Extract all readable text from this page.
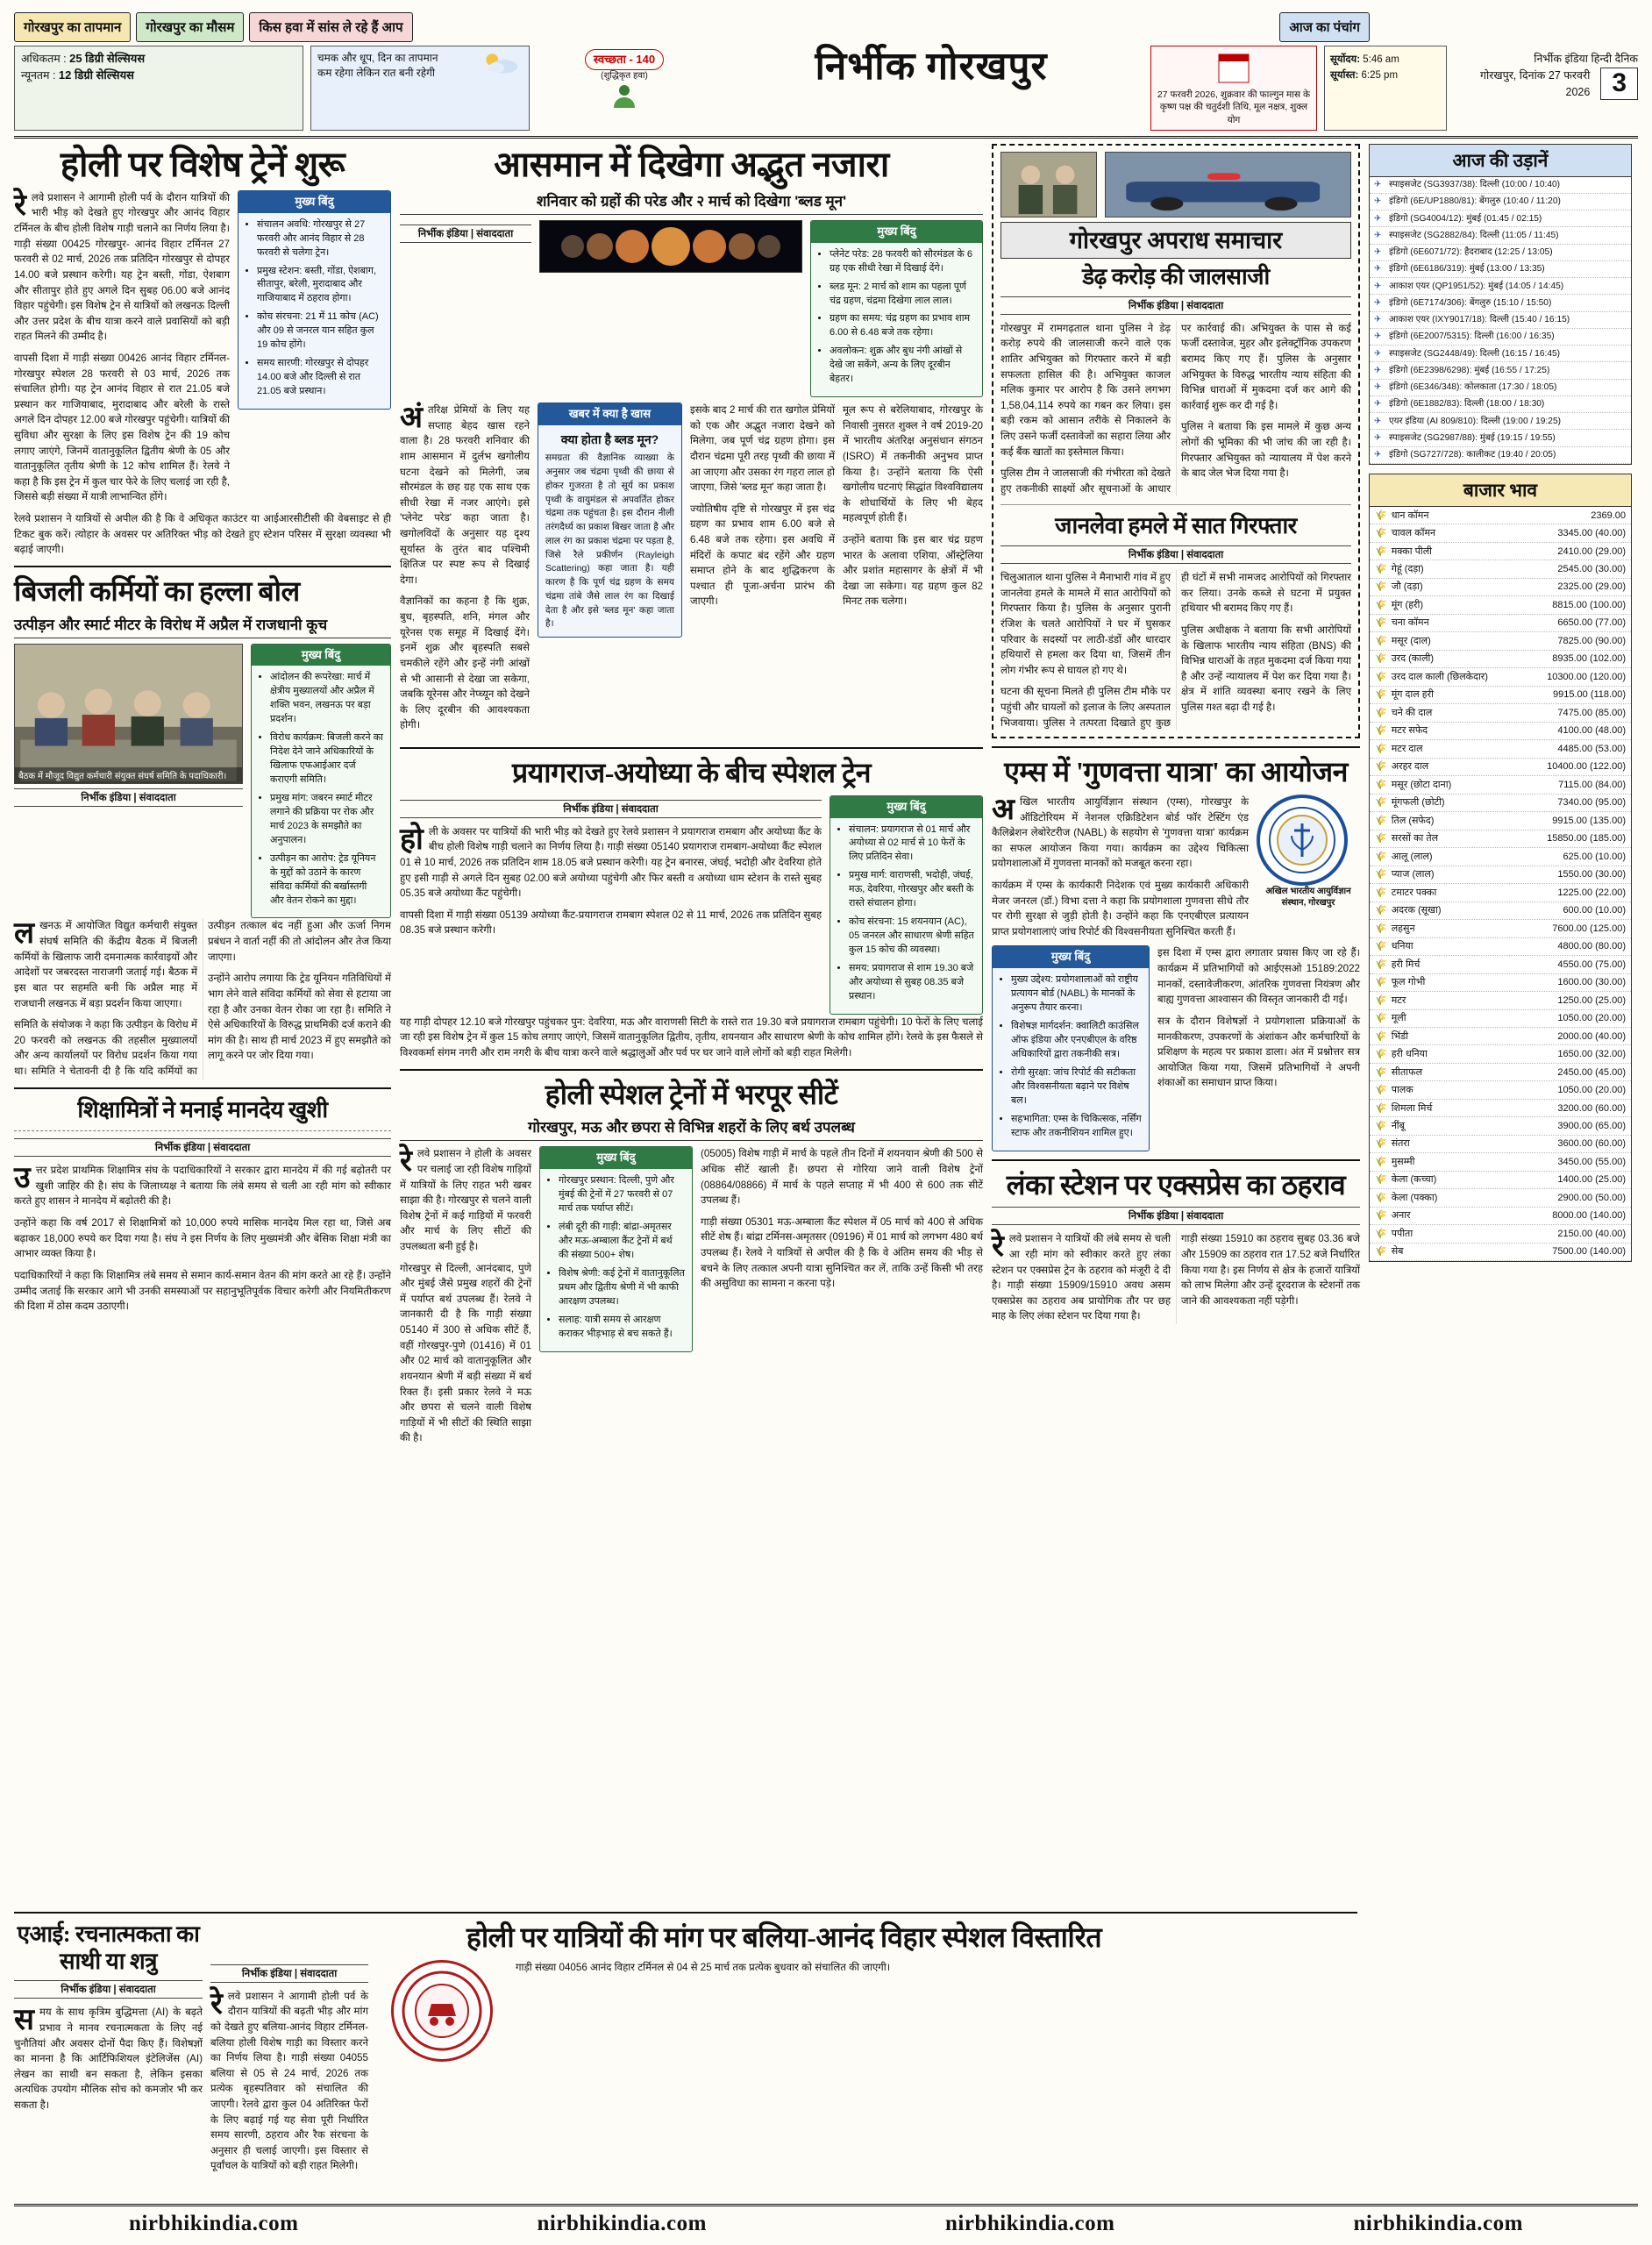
गोरखपुर का तापमान	गोरखपुर का मौसम	किस हवा में सांस ले रहे हैं आप	आज का पंचांग
अधिकतम : 25 डिग्री सेल्सियस
न्यूनतम : 12 डिग्री सेल्सियस
चमक और धूप, दिन का तापमान
कम रहेगा लेकिन रात बनी रहेगी
स्वच्छता - 140
(शुद्धिकृत हवा)	निर्भीक गोरखपुर
27 फरवरी 2026, शुक्रवार की फाल्गुन मास के कृष्ण पक्ष की चतुर्दशी तिथि, मूल नक्षत्र, शुक्ल योग
सूर्योदय: 5:46 am
सूर्यास्त: 6:25 pm
निर्भीक इंडिया हिन्दी दैनिक
गोरखपुर, दिनांक 27 फरवरी 2026 3
होली पर विशेष ट्रेनें शुरू

रेलवे प्रशासन ने आगामी होली पर्व के दौरान यात्रियों की भारी भीड़ को देखते हुए गोरखपुर और आनंद विहार टर्मिनल के बीच होली विशेष गाड़ी चलाने का निर्णय लिया है। गाड़ी संख्या 00425 गोरखपुर- आनंद विहार टर्मिनल 27 फरवरी से 02 मार्च, 2026 तक प्रतिदिन गोरखपुर से दोपहर 14.00 बजे प्रस्थान करेगी। यह ट्रेन बस्ती, गोंडा, ऐशबाग और सीतापुर होते हुए अगले दिन सुबह 06.00 बजे आनंद विहार पहुंचेगी। इस विशेष ट्रेन से यात्रियों को लखनऊ दिल्ली और उत्तर प्रदेश के बीच यात्रा करने वाले प्रवासियों को बड़ी राहत मिलने की उम्मीद है।

वापसी दिशा में गाड़ी संख्या 00426 आनंद विहार टर्मिनल-गोरखपुर स्पेशल 28 फरवरी से 03 मार्च, 2026 तक संचालित होगी। यह ट्रेन आनंद विहार से रात 21.05 बजे प्रस्थान कर गाजियाबाद, मुरादाबाद और बरेली के रास्ते अगले दिन दोपहर 12.00 बजे गोरखपुर पहुंचेगी। यात्रियों की सुविधा और सुरक्षा के लिए इस विशेष ट्रेन की 19 कोच लगाए जाएंगे, जिनमें वातानुकूलित द्वितीय श्रेणी के 05 और वातानुकूलित तृतीय श्रेणी के 12 कोच शामिल हैं। रेलवे ने कहा है कि इस ट्रेन में कुल चार फेरे के लिए चलाई जा रही है, जिससे बड़ी संख्या में यात्री लाभान्वित होंगे।

मुख्य बिंदु
• संचालन अवधि: गोरखपुर से 27 फरवरी और आनंद विहार से 28 फरवरी से चलेगा ट्रेन।
• प्रमुख स्टेशन: बस्ती, गोंडा, ऐशबाग, सीतापुर, बरेली, मुरादाबाद और गाजियाबाद में ठहराव होगा।
• कोच संरचना: 21 में 11 कोच (AC) और 09 से जनरल यान सहित कुल 19 कोच होंगे।
• समय सारणी: गोरखपुर से दोपहर 14.00 बजे और दिल्ली से रात 21.05 बजे प्रस्थान।

रेलवे प्रशासन ने यात्रियों से अपील की है कि वे अधिकृत काउंटर या आईआरसीटीसी की वेबसाइट से ही टिकट बुक करें। त्योहार के अवसर पर अतिरिक्त भीड़ को देखते हुए स्टेशन परिसर में सुरक्षा व्यवस्था भी बढ़ाई जाएगी।

बिजली कर्मियों का हल्ला बोल
उत्पीड़न और स्मार्ट मीटर के विरोध में अप्रैल में राजधानी कूच
बैठक में मौजूद विद्युत कर्मचारी संयुक्त संघर्ष समिति के पदाधिकारी।
निर्भीक इंडिया | संवाददाता
मुख्य बिंदु
• आंदोलन की रूपरेखा: मार्च में क्षेत्रीय मुख्यालयों और अप्रैल में शक्ति भवन, लखनऊ पर बड़ा प्रदर्शन।
• विरोध कार्यक्रम: बिजली करने का निदेश देने जाने अधिकारियों के खिलाफ एफआईआर दर्ज कराएगी समिति।
• प्रमुख मांग: जबरन स्मार्ट मीटर लगाने की प्रक्रिया पर रोक और मार्च 2023 के समझौते का अनुपालन।
• उत्पीड़न का आरोप: ट्रेड यूनियन के मुद्दों को उठाने के कारण संविदा कर्मियों की बर्खास्तगी और वेतन रोकने का मुद्दा।

लखनऊ में आयोजित विद्युत कर्मचारी संयुक्त संघर्ष समिति की केंद्रीय बैठक में बिजली कर्मियों के खिलाफ जारी दमनात्मक कार्रवाइयों और आदेशों पर जबरदस्त नाराजगी जताई गई। बैठक में इस बात पर सहमति बनी कि अप्रैल माह में राजधानी लखनऊ में बड़ा प्रदर्शन किया जाएगा।

समिति के संयोजक ने कहा कि उत्पीड़न के विरोध में 20 फरवरी को लखनऊ की तहसील मुख्यालयों और अन्य कार्यालयों पर विरोध प्रदर्शन किया गया था। समिति ने चेतावनी दी है कि यदि कर्मियों का उत्पीड़न तत्काल बंद नहीं हुआ और ऊर्जा निगम प्रबंधन ने वार्ता नहीं की तो आंदोलन और तेज किया जाएगा।

उन्होंने आरोप लगाया कि ट्रेड यूनियन गतिविधियों में भाग लेने वाले संविदा कर्मियों को सेवा से हटाया जा रहा है और उनका वेतन रोका जा रहा है। समिति ने ऐसे अधिकारियों के विरुद्ध प्राथमिकी दर्ज कराने की मांग की है। साथ ही मार्च 2023 में हुए समझौते को लागू करने पर जोर दिया गया।

शिक्षामित्रों ने मनाई मानदेय खुशी
निर्भीक इंडिया | संवाददाता

उत्तर प्रदेश प्राथमिक शिक्षामित्र संघ के पदाधिकारियों ने सरकार द्वारा मानदेय में की गई बढ़ोतरी पर खुशी जाहिर की है। संघ के जिलाध्यक्ष ने बताया कि लंबे समय से चली आ रही मांग को स्वीकार करते हुए शासन ने मानदेय में बढ़ोतरी की है।

उन्होंने कहा कि वर्ष 2017 से शिक्षामित्रों को 10,000 रुपये मासिक मानदेय मिल रहा था, जिसे अब बढ़ाकर 18,000 रुपये कर दिया गया है। संघ ने इस निर्णय के लिए मुख्यमंत्री और बेसिक शिक्षा मंत्री का आभार व्यक्त किया है।

पदाधिकारियों ने कहा कि शिक्षामित्र लंबे समय से समान कार्य-समान वेतन की मांग करते आ रहे हैं। उन्होंने उम्मीद जताई कि सरकार आगे भी उनकी समस्याओं पर सहानुभूतिपूर्वक विचार करेगी और नियमितीकरण की दिशा में ठोस कदम उठाएगी।

आसमान में दिखेगा अद्भुत नजारा
शनिवार को ग्रहों की परेड और २ मार्च को दिखेगा 'ब्लड मून'
निर्भीक इंडिया | संवाददाता	मुख्य बिंदु
• प्लेनेट परेड: 28 फरवरी को सौरमंडल के 6 ग्रह एक सीधी रेखा में दिखाई देंगे।
• ब्लड मून: 2 मार्च को शाम का पहला पूर्ण चंद्र ग्रहण, चंद्रमा दिखेगा लाल लाल।
• ग्रहण का समय: चंद्र ग्रहण का प्रभाव शाम 6.00 से 6.48 बजे तक रहेगा।
• अवलोकन: शुक्र और बुध नंगी आंखों से देखे जा सकेंगे, अन्य के लिए दूरबीन बेहतर।

अंतरिक्ष प्रेमियों के लिए यह सप्ताह बेहद खास रहने वाला है। 28 फरवरी शनिवार की शाम आसमान में दुर्लभ खगोलीय घटना देखने को मिलेगी, जब सौरमंडल के छह ग्रह एक साथ एक सीधी रेखा में नजर आएंगे। इसे 'प्लेनेट परेड' कहा जाता है। खगोलविदों के अनुसार यह दृश्य सूर्यास्त के तुरंत बाद पश्चिमी क्षितिज पर स्पष्ट रूप से दिखाई देगा।

वैज्ञानिकों का कहना है कि शुक्र, बुध, बृहस्पति, शनि, मंगल और यूरेनस एक समूह में दिखाई देंगे। इनमें शुक्र और बृहस्पति सबसे चमकीले रहेंगे और इन्हें नंगी आंखों से भी आसानी से देखा जा सकेगा, जबकि यूरेनस और नेप्च्यून को देखने के लिए दूरबीन की आवश्यकता होगी।

खबर में क्या है खास
क्या होता है ब्लड मून?
समग्रता की वैज्ञानिक व्याख्या के अनुसार जब चंद्रमा पृथ्वी की छाया से होकर गुजरता है तो सूर्य का प्रकाश पृथ्वी के वायुमंडल से अपवर्तित होकर चंद्रमा तक पहुंचता है। इस दौरान नीली तरंगदैर्ध्य का प्रकाश बिखर जाता है और लाल रंग का प्रकाश चंद्रमा पर पड़ता है, जिसे रैले प्रकीर्णन (Rayleigh Scattering) कहा जाता है। यही कारण है कि पूर्ण चंद्र ग्रहण के समय चंद्रमा तांबे जैसे लाल रंग का दिखाई देता है और इसे 'ब्लड मून' कहा जाता है।

इसके बाद 2 मार्च की रात खगोल प्रेमियों को एक और अद्भुत नजारा देखने को मिलेगा, जब पूर्ण चंद्र ग्रहण होगा। इस दौरान चंद्रमा पूरी तरह पृथ्वी की छाया में आ जाएगा और उसका रंग गहरा लाल हो जाएगा, जिसे 'ब्लड मून' कहा जाता है।

ज्योतिषीय दृष्टि से गोरखपुर में इस चंद्र ग्रहण का प्रभाव शाम 6.00 बजे से 6.48 बजे तक रहेगा। इस अवधि में मंदिरों के कपाट बंद रहेंगे और ग्रहण समाप्त होने के बाद शुद्धिकरण के पश्चात ही पूजा-अर्चना प्रारंभ की जाएगी।

मूल रूप से बरेलियाबाद, गोरखपुर के निवासी नुसरत शुक्ल ने वर्ष 2019-20 में भारतीय अंतरिक्ष अनुसंधान संगठन (ISRO) में तकनीकी अनुभव प्राप्त किया है। उन्होंने बताया कि ऐसी खगोलीय घटनाएं सिद्धांत विश्वविद्यालय के शोधार्थियों के लिए भी बेहद महत्वपूर्ण होती हैं।

उन्होंने बताया कि इस बार चंद्र ग्रहण भारत के अलावा एशिया, ऑस्ट्रेलिया और प्रशांत महासागर के क्षेत्रों में भी देखा जा सकेगा। यह ग्रहण कुल 82 मिनट तक चलेगा।

प्रयागराज-अयोध्या के बीच स्पेशल ट्रेन
निर्भीक इंडिया | संवाददाता

होली के अवसर पर यात्रियों की भारी भीड़ को देखते हुए रेलवे प्रशासन ने प्रयागराज रामबाग और अयोध्या कैंट के बीच होली विशेष गाड़ी चलाने का निर्णय लिया है। गाड़ी संख्या 05140 प्रयागराज रामबाग-अयोध्या कैंट स्पेशल 01 से 10 मार्च, 2026 तक प्रतिदिन शाम 18.05 बजे प्रस्थान करेगी। यह ट्रेन बनारस, जंघई, भदोही और देवरिया होते हुए इसी गाड़ी से अगले दिन सुबह 02.00 बजे अयोध्या पहुंचेगी और फिर बस्ती व अयोध्या धाम स्टेशन के रास्ते सुबह 05.35 बजे अयोध्या कैंट पहुंचेगी।

वापसी दिशा में गाड़ी संख्या 05139 अयोध्या कैंट-प्रयागराज रामबाग स्पेशल 02 से 11 मार्च, 2026 तक प्रतिदिन सुबह 08.35 बजे प्रस्थान करेगी।

मुख्य बिंदु
• संचालन: प्रयागराज से 01 मार्च और अयोध्या से 02 मार्च से 10 फेरों के लिए प्रतिदिन सेवा।
• प्रमुख मार्ग: वाराणसी, भदोही, जंघई, मऊ, देवरिया, गोरखपुर और बस्ती के रास्ते संचालन होगा।
• कोच संरचना: 15 शयनयान (AC), 05 जनरल और साधारण श्रेणी सहित कुल 15 कोच की व्यवस्था।
• समय: प्रयागराज से शाम 19.30 बजे और अयोध्या से सुबह 08.35 बजे प्रस्थान।

यह गाड़ी दोपहर 12.10 बजे गोरखपुर पहुंचकर पुन: देवरिया, मऊ और वाराणसी सिटी के रास्ते रात 19.30 बजे प्रयागराज रामबाग पहुंचेगी। 10 फेरों के लिए चलाई जा रही इस विशेष ट्रेन में कुल 15 कोच लगाए जाएंगे, जिसमें वातानुकूलित द्वितीय, तृतीय, शयनयान और साधारण श्रेणी के कोच शामिल होंगे। रेलवे के इस फैसले से विश्वकर्मा संगम नगरी और राम नगरी के बीच यात्रा करने वाले श्रद्धालुओं और पर्व पर घर जाने वाले लोगों को बड़ी राहत मिलेगी।

होली स्पेशल ट्रेनों में भरपूर सीटें
गोरखपुर, मऊ और छपरा से विभिन्न शहरों के लिए बर्थ उपलब्ध

रेलवे प्रशासन ने होली के अवसर पर चलाई जा रही विशेष गाड़ियों में यात्रियों के लिए राहत भरी खबर साझा की है। गोरखपुर से चलने वाली विशेष ट्रेनों में कई गाड़ियों में फरवरी और मार्च के लिए सीटों की उपलब्धता बनी हुई है।

गोरखपुर से दिल्ली, आनंदबाद, पुणे और मुंबई जैसे प्रमुख शहरों की ट्रेनों में पर्याप्त बर्थ उपलब्ध हैं। रेलवे ने जानकारी दी है कि गाड़ी संख्या 05140 में 300 से अधिक सीटें हैं, वहीं गोरखपुर-पुणे (01416) में 01 और 02 मार्च को वातानुकूलित और शयनयान श्रेणी में बड़ी संख्या में बर्थ रिक्त हैं। इसी प्रकार रेलवे ने मऊ और छपरा से चलने वाली विशेष गाड़ियों में भी सीटों की स्थिति साझा की है।

मुख्य बिंदु
• गोरखपुर प्रस्थान: दिल्ली, पुणे और मुंबई की ट्रेनों में 27 फरवरी से 07 मार्च तक पर्याप्त सीटें।
• लंबी दूरी की गाड़ी: बांद्रा-अमृतसर और मऊ-अम्बाला कैंट ट्रेनों में बर्थ की संख्या 500+ शेष।
• विशेष श्रेणी: कई ट्रेनों में वातानुकूलित प्रथम और द्वितीय श्रेणी में भी काफी आरक्षण उपलब्ध।
• सलाह: यात्री समय से आरक्षण कराकर भीड़भाड़ से बच सकते हैं।

(05005) विशेष गाड़ी में मार्च के पहले तीन दिनों में शयनयान श्रेणी की 500 से अधिक सीटें खाली हैं। छपरा से गोरिया जाने वाली विशेष ट्रेनों (08864/08866) में मार्च के पहले सप्ताह में भी 400 से 600 तक सीटें उपलब्ध हैं।

गाड़ी संख्या 05301 मऊ-अम्बाला कैंट स्पेशल में 05 मार्च को 400 से अधिक सीटें शेष हैं। बांद्रा टर्मिनस-अमृतसर (09196) में 01 मार्च को लगभग 480 बर्थ उपलब्ध हैं। रेलवे ने यात्रियों से अपील की है कि वे अंतिम समय की भीड़ से बचने के लिए तत्काल अपनी यात्रा सुनिश्चित कर लें, ताकि उन्हें किसी भी तरह की असुविधा का सामना न करना पड़े।

गोरखपुर अपराध समाचार
डेढ़ करोड़ की जालसाजी
निर्भीक इंडिया | संवाददाता

गोरखपुर में रामगढ़ताल थाना पुलिस ने डेढ़ करोड़ रुपये की जालसाजी करने वाले एक शातिर अभियुक्त को गिरफ्तार करने में बड़ी सफलता हासिल की है। अभियुक्त काजल मलिक कुमार पर आरोप है कि उसने लगभग 1,58,04,114 रुपये का गबन कर लिया। इस बड़ी रकम को आसान तरीके से निकालने के लिए उसने फर्जी दस्तावेजों का सहारा लिया और कई बैंक खातों का इस्तेमाल किया।

पुलिस टीम ने जालसाजी की गंभीरता को देखते हुए तकनीकी साक्ष्यों और सूचनाओं के आधार पर कार्रवाई की। अभियुक्त के पास से कई फर्जी दस्तावेज, मुहर और इलेक्ट्रॉनिक उपकरण बरामद किए गए हैं। पुलिस के अनुसार अभियुक्त के विरुद्ध भारतीय न्याय संहिता की विभिन्न धाराओं में मुकदमा दर्ज कर आगे की कार्रवाई शुरू कर दी गई है।

पुलिस ने बताया कि इस मामले में कुछ अन्य लोगों की भूमिका की भी जांच की जा रही है। गिरफ्तार अभियुक्त को न्यायालय में पेश करने के बाद जेल भेज दिया गया है।

जानलेवा हमले में सात गिरफ्तार
निर्भीक इंडिया | संवाददाता

चिलुआताल थाना पुलिस ने मैनाभारी गांव में हुए जानलेवा हमले के मामले में सात आरोपियों को गिरफ्तार किया है। पुलिस के अनुसार पुरानी रंजिश के चलते आरोपियों ने घर में घुसकर परिवार के सदस्यों पर लाठी-डंडों और धारदार हथियारों से हमला कर दिया था, जिसमें तीन लोग गंभीर रूप से घायल हो गए थे।

घटना की सूचना मिलते ही पुलिस टीम मौके पर पहुंची और घायलों को इलाज के लिए अस्पताल भिजवाया। पुलिस ने तत्परता दिखाते हुए कुछ ही घंटों में सभी नामजद आरोपियों को गिरफ्तार कर लिया। उनके कब्जे से घटना में प्रयुक्त हथियार भी बरामद किए गए हैं।

पुलिस अधीक्षक ने बताया कि सभी आरोपियों के खिलाफ भारतीय न्याय संहिता (BNS) की विभिन्न धाराओं के तहत मुकदमा दर्ज किया गया है और उन्हें न्यायालय में पेश कर दिया गया है। क्षेत्र में शांति व्यवस्था बनाए रखने के लिए पुलिस गश्त बढ़ा दी गई है।

एम्स में 'गुणवत्ता यात्रा' का आयोजन

अखिल भारतीय आयुर्विज्ञान संस्थान (एम्स), गोरखपुर के ऑडिटोरियम में नेशनल एक्रिडिटेशन बोर्ड फॉर टेस्टिंग एंड कैलिब्रेशन लेबोरेटरीज (NABL) के सहयोग से 'गुणवत्ता यात्रा' कार्यक्रम का सफल आयोजन किया गया। कार्यक्रम का उद्देश्य चिकित्सा प्रयोगशालाओं में गुणवत्ता मानकों को मजबूत करना रहा।

कार्यक्रम में एम्स के कार्यकारी निदेशक एवं मुख्य कार्यकारी अधिकारी मेजर जनरल (डॉ.) विभा दत्ता ने कहा कि प्रयोगशाला गुणवत्ता सीधे तौर पर रोगी सुरक्षा से जुड़ी होती है। उन्होंने कहा कि एनएबीएल प्रत्यायन प्राप्त प्रयोगशालाएं जांच रिपोर्ट की विश्वसनीयता सुनिश्चित करती हैं।

अखिल भारतीय आयुर्विज्ञान संस्थान, गोरखपुर
मुख्य बिंदु
• मुख्य उद्देश्य: प्रयोगशालाओं को राष्ट्रीय प्रत्यायन बोर्ड (NABL) के मानकों के अनुरूप तैयार करना।
• विशेषज्ञ मार्गदर्शन: क्वालिटी काउंसिल ऑफ इंडिया और एनएबीएल के वरिष्ठ अधिकारियों द्वारा तकनीकी सत्र।
• रोगी सुरक्षा: जांच रिपोर्ट की सटीकता और विश्वसनीयता बढ़ाने पर विशेष बल।
• सहभागिता: एम्स के चिकित्सक, नर्सिंग स्टाफ और तकनीशियन शामिल हुए।

इस दिशा में एम्स द्वारा लगातार प्रयास किए जा रहे हैं। कार्यक्रम में प्रतिभागियों को आईएसओ 15189:2022 मानकों, दस्तावेजीकरण, आंतरिक गुणवत्ता नियंत्रण और बाह्य गुणवत्ता आश्वासन की विस्तृत जानकारी दी गई।

सत्र के दौरान विशेषज्ञों ने प्रयोगशाला प्रक्रियाओं के मानकीकरण, उपकरणों के अंशांकन और कर्मचारियों के प्रशिक्षण के महत्व पर प्रकाश डाला। अंत में प्रश्नोत्तर सत्र आयोजित किया गया, जिसमें प्रतिभागियों ने अपनी शंकाओं का समाधान प्राप्त किया।

लंका स्टेशन पर एक्सप्रेस का ठहराव
निर्भीक इंडिया | संवाददाता

रेलवे प्रशासन ने यात्रियों की लंबे समय से चली आ रही मांग को स्वीकार करते हुए लंका स्टेशन पर एक्सप्रेस ट्रेन के ठहराव को मंजूरी दे दी है। गाड़ी संख्या 15909/15910 अवध असम एक्सप्रेस का ठहराव अब प्रायोगिक तौर पर छह माह के लिए लंका स्टेशन पर दिया गया है।

गाड़ी संख्या 15910 का ठहराव सुबह 03.36 बजे और 15909 का ठहराव रात 17.52 बजे निर्धारित किया गया है। इस निर्णय से क्षेत्र के हजारों यात्रियों को लाभ मिलेगा और उन्हें दूरदराज के स्टेशनों तक जाने की आवश्यकता नहीं पड़ेगी।

आज की उड़ानें
✈ स्पाइसजेट (SG3937/38): दिल्ली (10:00 / 10:40)
✈ इंडिगो (6E/UP1880/81): बेंगलुरु (10:40 / 11:20)
✈ इंडिगो (SG4004/12): मुंबई (01:45 / 02:15)
✈ स्पाइसजेट (SG2882/84): दिल्ली (11:05 / 11:45)
✈ इंडिगो (6E6071/72): हैदराबाद (12:25 / 13:05)
✈ इंडिगो (6E6186/319): मुंबई (13:00 / 13:35)
✈ आकाश एयर (QP1951/52): मुंबई (14:05 / 14:45)
✈ इंडिगो (6E7174/306): बेंगलुरु (15:10 / 15:50)
✈ आकाश एयर (IXY9017/18): दिल्ली (15:40 / 16:15)
✈ इंडिगो (6E2007/5315): दिल्ली (16:00 / 16:35)
✈ स्पाइसजेट (SG2448/49): दिल्ली (16:15 / 16:45)
✈ इंडिगो (6E2398/6298): मुंबई (16:55 / 17:25)
✈ इंडिगो (6E346/348): कोलकाता (17:30 / 18:05)
✈ इंडिगो (6E1882/83): दिल्ली (18:00 / 18:30)
✈ एयर इंडिया (AI 809/810): दिल्ली (19:00 / 19:25)
✈ स्पाइसजेट (SG2987/88): मुंबई (19:15 / 19:55)
✈ इंडिगो (SG727/728): कालीकट (19:40 / 20:05)
बाजार भाव
🌾 धान कॉमन	2369.00
🌾 चावल कॉमन	3345.00 (40.00)
🌾 मक्का पीली	2410.00 (29.00)
🌾 गेहूं (दड़ा)	2545.00 (30.00)
🌾 जौ (दड़ा)	2325.00 (29.00)
🌾 मूंग (हरी)	8815.00 (100.00)
🌾 चना कॉमन	6650.00 (77.00)
🌾 मसूर (दाल)	7825.00 (90.00)
🌾 उरद (काली)	8935.00 (102.00)
🌾 उरद दाल काली (छिलकेदार)	10300.00 (120.00)
🌾 मूंग दाल हरी	9915.00 (118.00)
🌾 चने की दाल	7475.00 (85.00)
🌾 मटर सफेद	4100.00 (48.00)
🌾 मटर दाल	4485.00 (53.00)
🌾 अरहर दाल	10400.00 (122.00)
🌾 मसूर (छोटा दाना)	7115.00 (84.00)
🌾 मूंगफली (छोटी)	7340.00 (95.00)
🌾 तिल (सफेद)	9915.00 (135.00)
🌾 सरसों का तेल	15850.00 (185.00)
🌾 आलू (लाल)	625.00 (10.00)
🌾 प्याज (लाल)	1550.00 (30.00)
🌾 टमाटर पक्का	1225.00 (22.00)
🌾 अदरक (सूखा)	600.00 (10.00)
🌾 लहसुन	7600.00 (125.00)
🌾 धनिया	4800.00 (80.00)
🌾 हरी मिर्च	4550.00 (75.00)
🌾 फूल गोभी	1600.00 (30.00)
🌾 मटर	1250.00 (25.00)
🌾 मूली	1050.00 (20.00)
🌾 भिंडी	2000.00 (40.00)
🌾 हरी धनिया	1650.00 (32.00)
🌾 सीताफल	2450.00 (45.00)
🌾 पालक	1050.00 (20.00)
🌾 शिमला मिर्च	3200.00 (60.00)
🌾 नींबू	3900.00 (65.00)
🌾 संतरा	3600.00 (60.00)
🌾 मुसम्मी	3450.00 (55.00)
🌾 केला (कच्चा)	1400.00 (25.00)
🌾 केला (पक्का)	2900.00 (50.00)
🌾 अनार	8000.00 (140.00)
🌾 पपीता	2150.00 (40.00)
🌾 सेब	7500.00 (140.00)
एआई: रचनात्मकता का साथी या शत्रु
निर्भीक इंडिया | संवाददाता

समय के साथ कृत्रिम बुद्धिमत्ता (AI) के बढ़ते प्रभाव ने मानव रचनात्मकता के लिए नई चुनौतियां और अवसर दोनों पैदा किए हैं। विशेषज्ञों का मानना है कि आर्टिफिशियल इंटेलिजेंस (AI) लेखन का साथी बन सकता है, लेकिन इसका अत्यधिक उपयोग मौलिक सोच को कमजोर भी कर सकता है।

होली पर यात्रियों की मांग पर बलिया-आनंद विहार स्पेशल विस्तारित
निर्भीक इंडिया | संवाददाता

रेलवे प्रशासन ने आगामी होली पर्व के दौरान यात्रियों की बढ़ती भीड़ और मांग को देखते हुए बलिया-आनंद विहार टर्मिनल-बलिया होली विशेष गाड़ी का विस्तार करने का निर्णय लिया है। गाड़ी संख्या 04055 बलिया से 05 से 24 मार्च, 2026 तक प्रत्येक बृहस्पतिवार को संचालित की जाएगी। रेलवे द्वारा कुल 04 अतिरिक्त फेरों के लिए बढ़ाई गई यह सेवा पूरी निर्धारित समय सारणी, ठहराव और रैक संरचना के अनुसार ही चलाई जाएगी। इस विस्तार से पूर्वांचल के यात्रियों को बड़ी राहत मिलेगी।

गाड़ी संख्या 04056 आनंद विहार टर्मिनल से 04 से 25 मार्च तक प्रत्येक बुधवार को संचालित की जाएगी।

nirbhikindia.com	nirbhikindia.com	nirbhikindia.com	nirbhikindia.com
